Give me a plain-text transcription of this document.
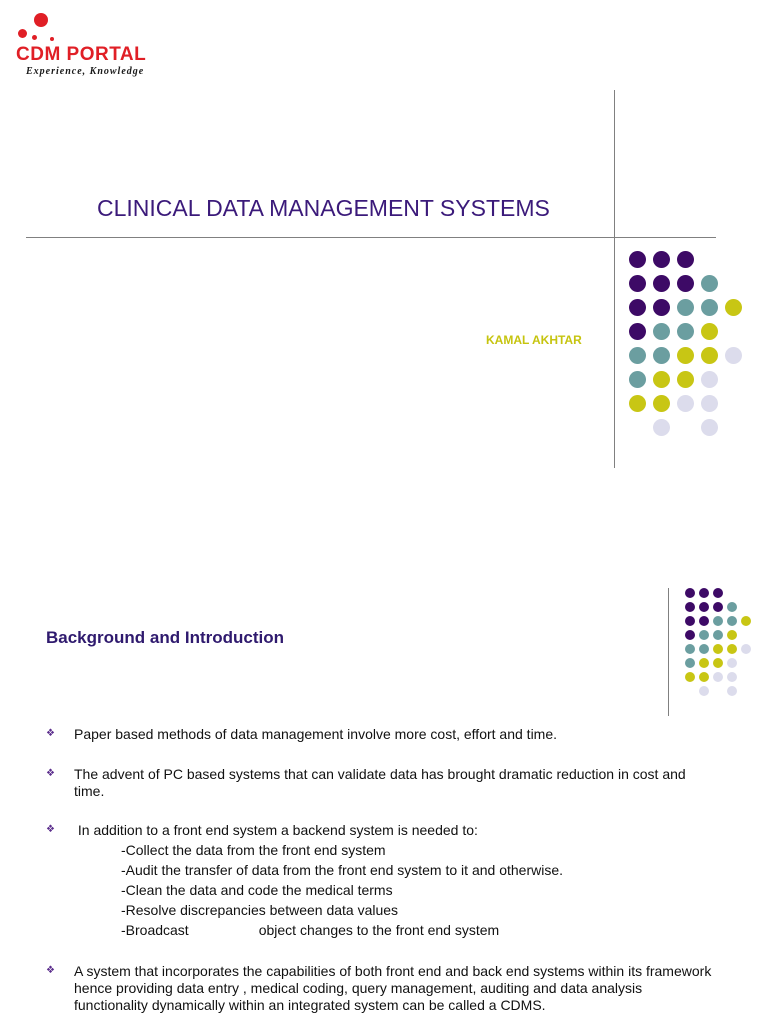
CDM PORTAL
Experience, Knowledge
CLINICAL DATA MANAGEMENT SYSTEMS
KAMAL AKHTAR
Background and Introduction
❖ Paper based methods of data management involve more cost, effort and time.
❖ The advent of PC based systems that can validate data has brought dramatic reduction in cost and time.
❖ In addition to a front end system a backend system is needed to:
-Collect the data from the front end system
-Audit the transfer of data from the front end system to it and otherwise.
-Clean the data and code the medical terms
-Resolve discrepancies between data values
-Broadcast                  object changes to the front end system
❖ A system that incorporates the capabilities of both front end and back end systems within its framework hence providing data entry , medical coding, query management, auditing and data analysis functionality dynamically within an integrated system can be called a CDMS.
